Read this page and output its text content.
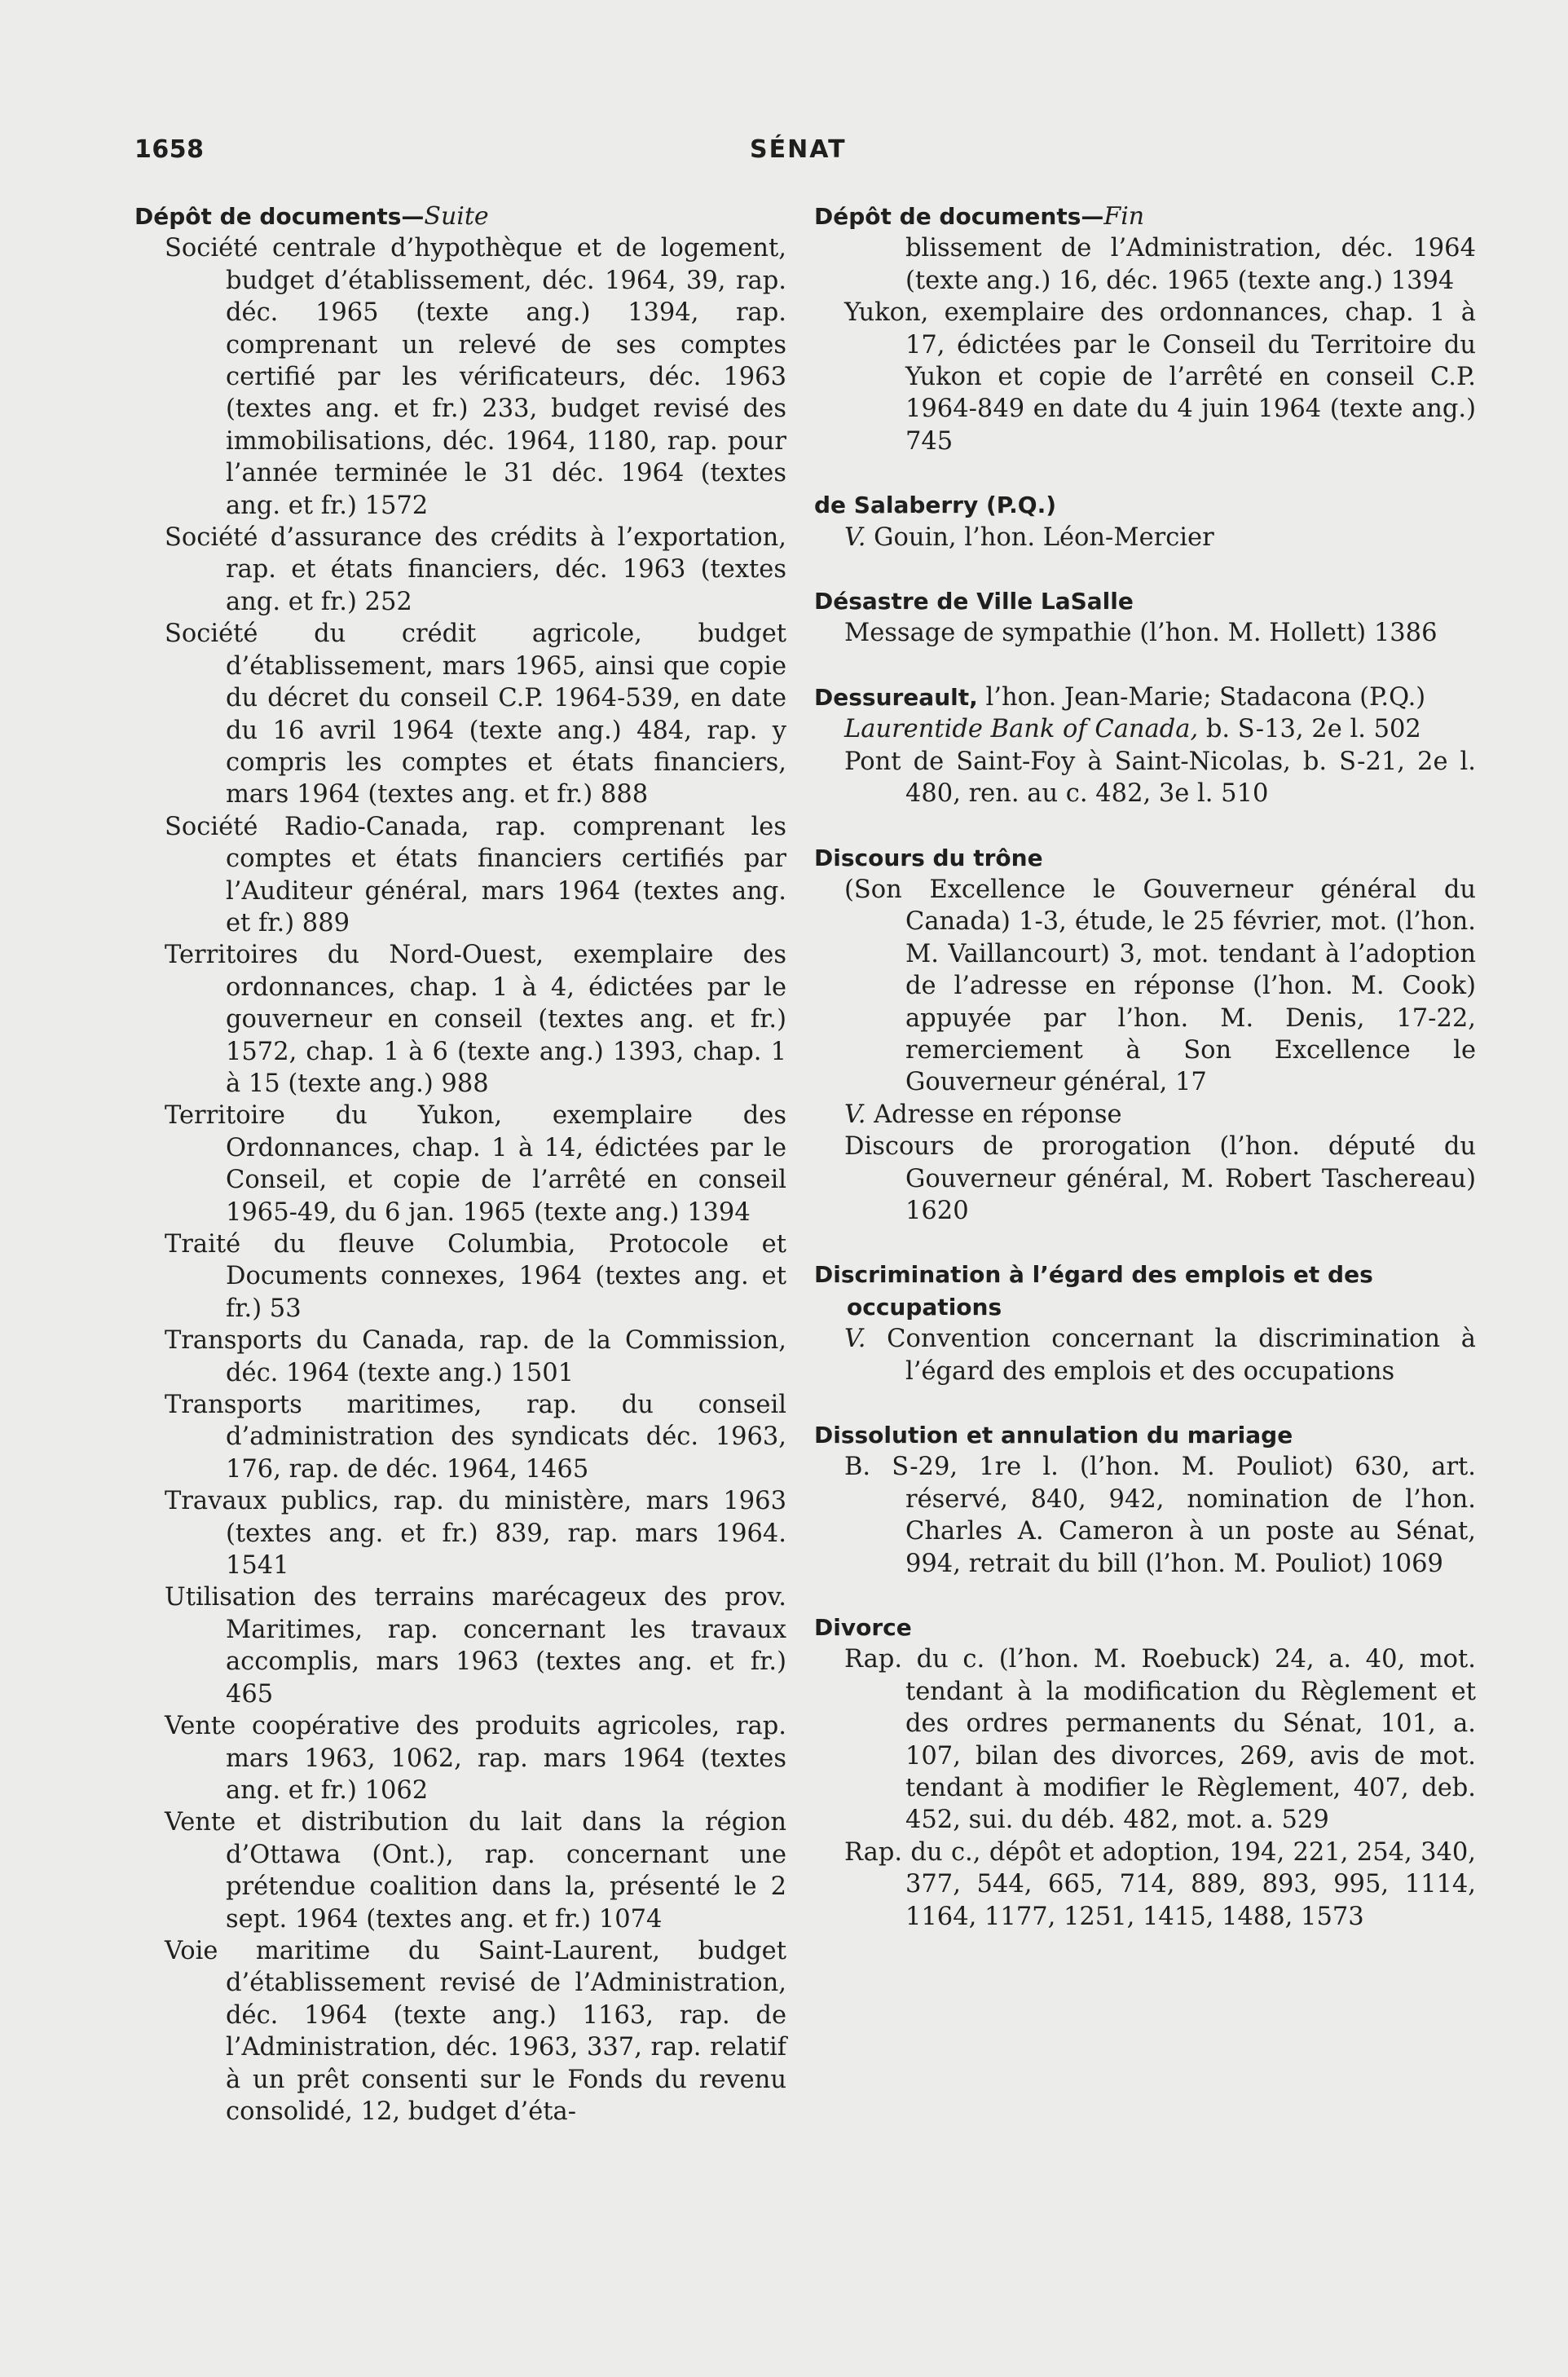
1658	SÉNAT
Dépôt de documents—Suite
Société centrale d’hypothèque et de logement, budget d’établissement, déc. 1964, 39, rap. déc. 1965 (texte ang.) 1394, rap. comprenant un relevé de ses comptes certifié par les vérificateurs, déc. 1963 (textes ang. et fr.) 233, budget revisé des immobilisations, déc. 1964, 1180, rap. pour l’année terminée le 31 déc. 1964 (textes ang. et fr.) 1572
Société d’assurance des crédits à l’exportation, rap. et états financiers, déc. 1963 (textes ang. et fr.) 252
Société du crédit agricole, budget d’établissement, mars 1965, ainsi que copie du décret du conseil C.P. 1964-539, en date du 16 avril 1964 (texte ang.) 484, rap. y compris les comptes et états financiers, mars 1964 (textes ang. et fr.) 888
Société Radio-Canada, rap. comprenant les comptes et états financiers certifiés par l’Auditeur général, mars 1964 (textes ang. et fr.) 889
Territoires du Nord-Ouest, exemplaire des ordonnances, chap. 1 à 4, édictées par le gouverneur en conseil (textes ang. et fr.) 1572, chap. 1 à 6 (texte ang.) 1393, chap. 1 à 15 (texte ang.) 988
Territoire du Yukon, exemplaire des Ordonnances, chap. 1 à 14, édictées par le Conseil, et copie de l’arrêté en conseil 1965-49, du 6 jan. 1965 (texte ang.) 1394
Traité du fleuve Columbia, Protocole et Documents connexes, 1964 (textes ang. et fr.) 53
Transports du Canada, rap. de la Commission, déc. 1964 (texte ang.) 1501
Transports maritimes, rap. du conseil d’administration des syndicats déc. 1963, 176, rap. de déc. 1964, 1465
Travaux publics, rap. du ministère, mars 1963 (textes ang. et fr.) 839, rap. mars 1964. 1541
Utilisation des terrains marécageux des prov. Maritimes, rap. concernant les travaux accomplis, mars 1963 (textes ang. et fr.) 465
Vente coopérative des produits agricoles, rap. mars 1963, 1062, rap. mars 1964 (textes ang. et fr.) 1062
Vente et distribution du lait dans la région d’Ottawa (Ont.), rap. concernant une prétendue coalition dans la, présenté le 2 sept. 1964 (textes ang. et fr.) 1074
Voie maritime du Saint-Laurent, budget d’établissement revisé de l’Administration, déc. 1964 (texte ang.) 1163, rap. de l’Administration, déc. 1963, 337, rap. relatif à un prêt consenti sur le Fonds du revenu consolidé, 12, budget d’éta-
Dépôt de documents—Fin
blissement de l’Administration, déc. 1964 (texte ang.) 16, déc. 1965 (texte ang.) 1394
Yukon, exemplaire des ordonnances, chap. 1 à 17, édictées par le Conseil du Territoire du Yukon et copie de l’arrêté en conseil C.P. 1964-849 en date du 4 juin 1964 (texte ang.) 745
de Salaberry (P.Q.)
V. Gouin, l’hon. Léon-Mercier
Désastre de Ville LaSalle
Message de sympathie (l’hon. M. Hollett) 1386
Dessureault, l’hon. Jean-Marie; Stadacona (P.Q.)
Laurentide Bank of Canada, b. S-13, 2e l. 502
Pont de Saint-Foy à Saint-Nicolas, b. S-21, 2e l. 480, ren. au c. 482, 3e l. 510
Discours du trône
(Son Excellence le Gouverneur général du Canada) 1-3, étude, le 25 février, mot. (l’hon. M. Vaillancourt) 3, mot. tendant à l’adoption de l’adresse en réponse (l’hon. M. Cook) appuyée par l’hon. M. Denis, 17-22, remerciement à Son Excellence le Gouverneur général, 17
V. Adresse en réponse
Discours de prorogation (l’hon. député du Gouverneur général, M. Robert Taschereau) 1620
Discrimination à l’égard des emplois et des occupations
V. Convention concernant la discrimination à l’égard des emplois et des occupations
Dissolution et annulation du mariage
B. S-29, 1re l. (l’hon. M. Pouliot) 630, art. réservé, 840, 942, nomination de l’hon. Charles A. Cameron à un poste au Sénat, 994, retrait du bill (l’hon. M. Pouliot) 1069
Divorce
Rap. du c. (l’hon. M. Roebuck) 24, a. 40, mot. tendant à la modification du Règlement et des ordres permanents du Sénat, 101, a. 107, bilan des divorces, 269, avis de mot. tendant à modifier le Règlement, 407, deb. 452, sui. du déb. 482, mot. a. 529
Rap. du c., dépôt et adoption, 194, 221, 254, 340, 377, 544, 665, 714, 889, 893, 995, 1114, 1164, 1177, 1251, 1415, 1488, 1573
